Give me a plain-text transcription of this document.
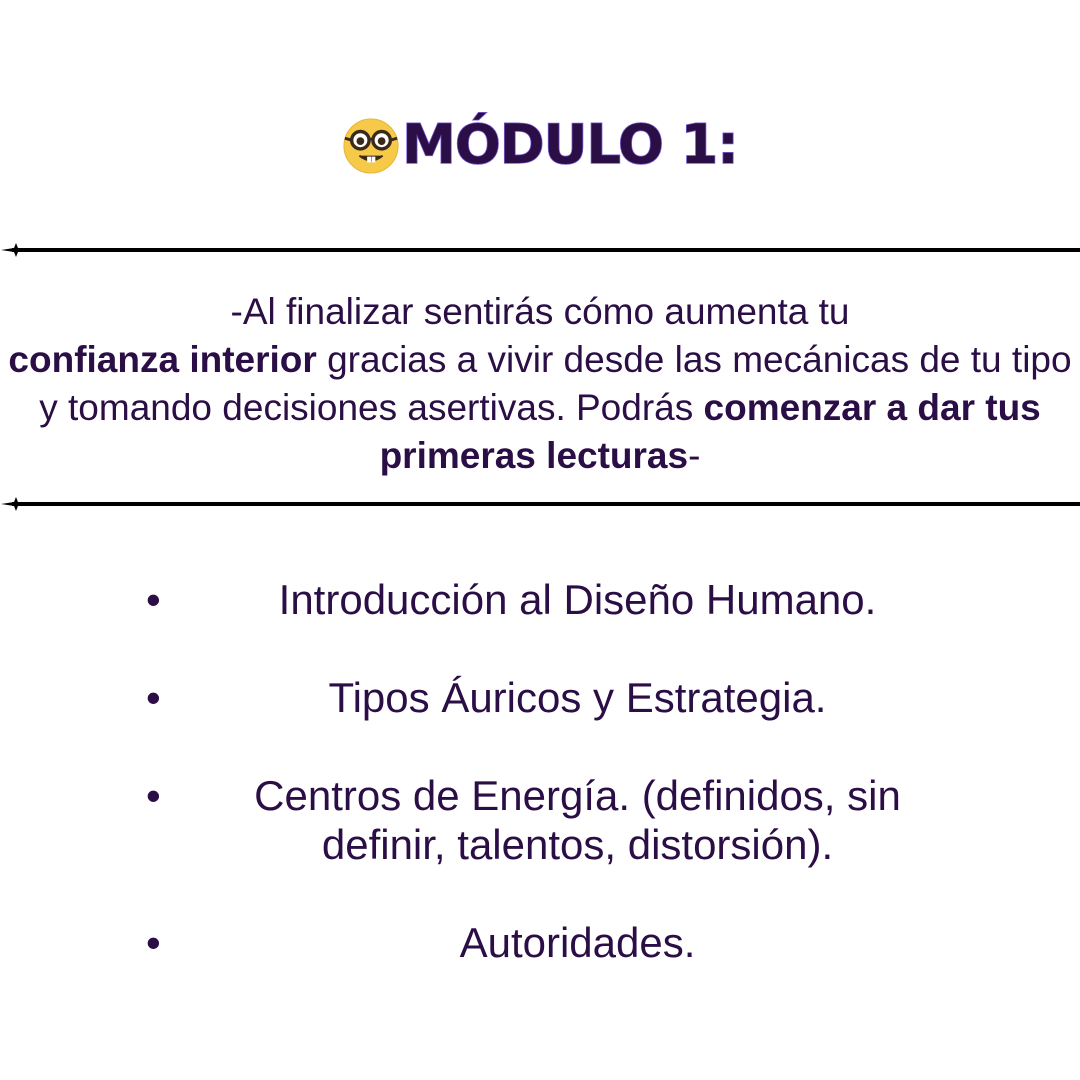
MÓDULO 1:
-Al finalizar sentirás cómo aumenta tu
confianza interior gracias a vivir desde las mecánicas de tu tipo y tomando decisiones asertivas. Podrás comenzar a dar tus primeras lecturas-
•	Introducción al Diseño Humano.
•	Tipos Áuricos y Estrategia.
•	Centros de Energía. (definidos, sin definir, talentos, distorsión).
•	Autoridades.
